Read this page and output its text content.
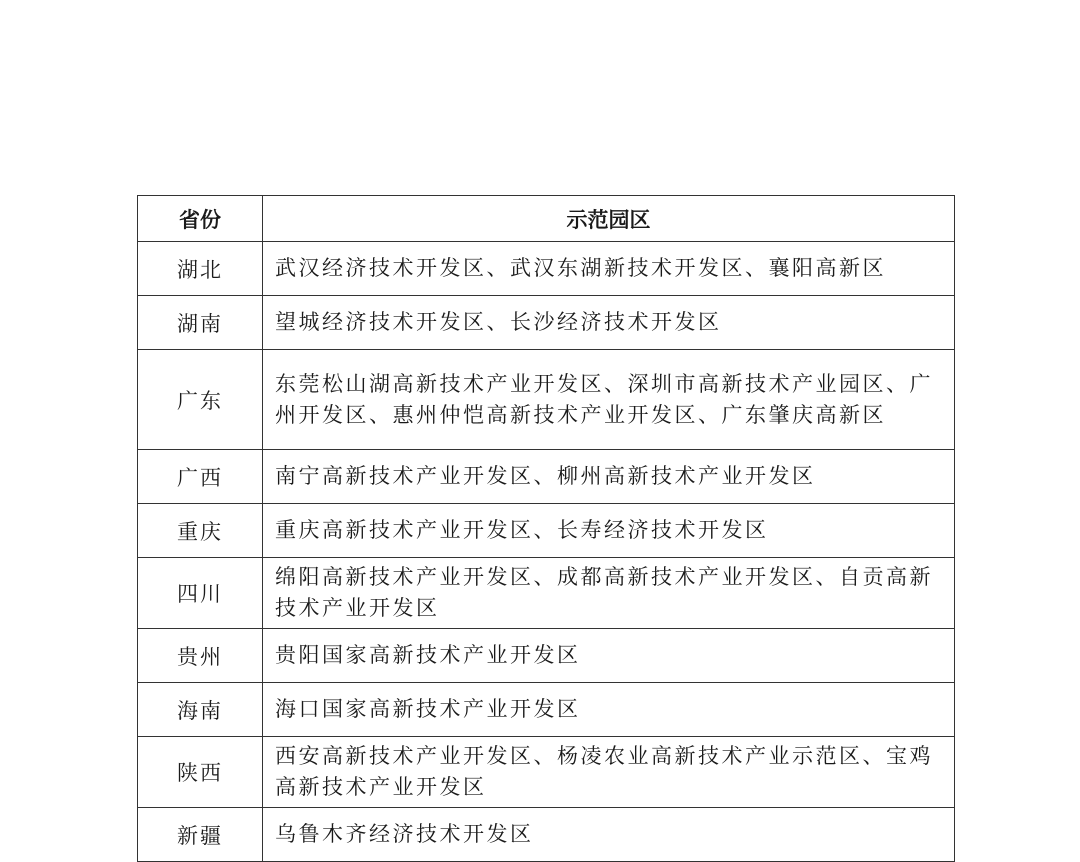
省份	示范园区
湖北	武汉经济技术开发区、武汉东湖新技术开发区、襄阳高新区
湖南	望城经济技术开发区、长沙经济技术开发区
广东	东莞松山湖高新技术产业开发区、深圳市高新技术产业园区、广州开发区、惠州仲恺高新技术产业开发区、广东肇庆高新区
广西	南宁高新技术产业开发区、柳州高新技术产业开发区
重庆	重庆高新技术产业开发区、长寿经济技术开发区
四川	绵阳高新技术产业开发区、成都高新技术产业开发区、自贡高新技术产业开发区
贵州	贵阳国家高新技术产业开发区
海南	海口国家高新技术产业开发区
陕西	西安高新技术产业开发区、杨凌农业高新技术产业示范区、宝鸡高新技术产业开发区
新疆	乌鲁木齐经济技术开发区
